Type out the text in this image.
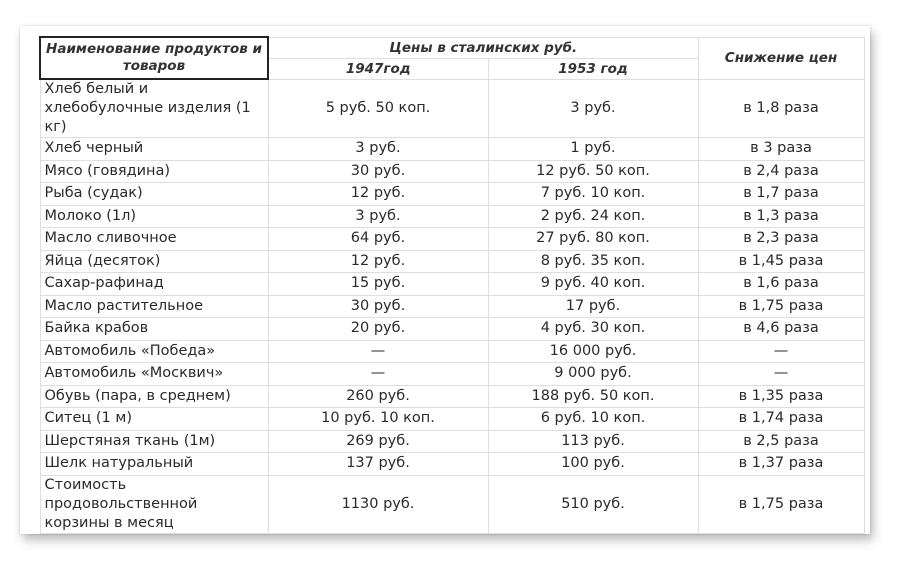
Наименование продуктов и товаров	Цены в сталинских руб.		Снижение цен
	1947год	1953 год	
Хлеб белый и хлебобулочные изделия (1 кг)	5 руб. 50 коп.	3 руб.	в 1,8 раза
Хлеб черный	3 руб.	1 руб.	в 3 раза
Мясо (говядина)	30 руб.	12 руб. 50 коп.	в 2,4 раза
Рыба (судак)	12 руб.	7 руб. 10 коп.	в 1,7 раза
Молоко (1л)	3 руб.	2 руб. 24 коп.	в 1,3 раза
Масло сливочное	64 руб.	27 руб. 80 коп.	в 2,3 раза
Яйца (десяток)	12 руб.	8 руб. 35 коп.	в 1,45 раза
Сахар-рафинад	15 руб.	9 руб. 40 коп.	в 1,6 раза
Масло растительное	30 руб.	17 руб.	в 1,75 раза
Байка крабов	20 руб.	4 руб. 30 коп.	в 4,6 раза
Автомобиль «Победа»	—	16 000 руб.	—
Автомобиль «Москвич»	—	9 000 руб.	—
Обувь (пара, в среднем)	260 руб.	188 руб. 50 коп.	в 1,35 раза
Ситец (1 м)	10 руб. 10 коп.	6 руб. 10 коп.	в 1,74 раза
Шерстяная ткань (1м)	269 руб.	113 руб.	в 2,5 раза
Шелк натуральный	137 руб.	100 руб.	в 1,37 раза
Стоимость продовольственной корзины в месяц	1130 руб.	510 руб.	в 1,75 раза
